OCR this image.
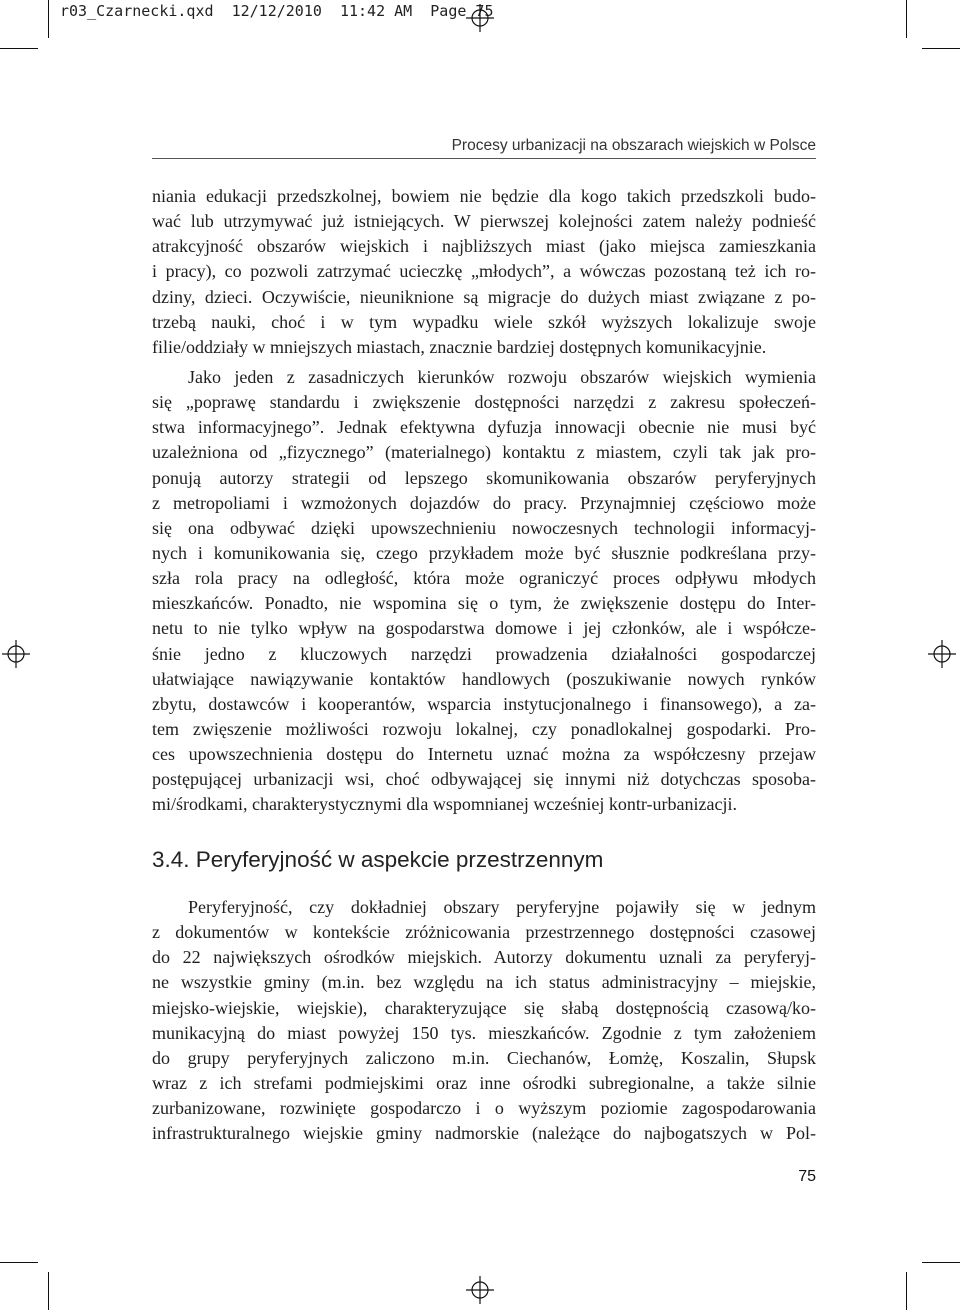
r03_Czarnecki.qxd  12/12/2010  11:42 AM  Page 75
Procesy urbanizacji na obszarach wiejskich w Polsce
niania edukacji przedszkolnej, bowiem nie będzie dla kogo takich przedszkoli budo-
wać lub utrzymywać już istniejących. W pierwszej kolejności zatem należy podnieść
atrakcyjność obszarów wiejskich i najbliższych miast (jako miejsca zamieszkania
i pracy), co pozwoli zatrzymać ucieczkę „młodych”, a wówczas pozostaną też ich ro-
dziny, dzieci. Oczywiście, nieuniknione są migracje do dużych miast związane z po-
trzebą nauki, choć i w tym wypadku wiele szkół wyższych lokalizuje swoje
filie/oddziały w mniejszych miastach, znacznie bardziej dostępnych komunikacyjnie.
Jako jeden z zasadniczych kierunków rozwoju obszarów wiejskich wymienia
się „poprawę standardu i zwiększenie dostępności narzędzi z zakresu społeczeń-
stwa informacyjnego”. Jednak efektywna dyfuzja innowacji obecnie nie musi być
uzależniona od „fizycznego” (materialnego) kontaktu z miastem, czyli tak jak pro-
ponują autorzy strategii od lepszego skomunikowania obszarów peryferyjnych
z metropoliami i wzmożonych dojazdów do pracy. Przynajmniej częściowo może
się ona odbywać dzięki upowszechnieniu nowoczesnych technologii informacyj-
nych i komunikowania się, czego przykładem może być słusznie podkreślana przy-
szła rola pracy na odległość, która może ograniczyć proces odpływu młodych
mieszkańców. Ponadto, nie wspomina się o tym, że zwiększenie dostępu do Inter-
netu to nie tylko wpływ na gospodarstwa domowe i jej członków, ale i współcze-
śnie jedno z kluczowych narzędzi prowadzenia działalności gospodarczej
ułatwiające nawiązywanie kontaktów handlowych (poszukiwanie nowych rynków
zbytu, dostawców i kooperantów, wsparcia instytucjonalnego i finansowego), a za-
tem zwięszenie możliwości rozwoju lokalnej, czy ponadlokalnej gospodarki. Pro-
ces upowszechnienia dostępu do Internetu uznać można za współczesny przejaw
postępującej urbanizacji wsi, choć odbywającej się innymi niż dotychczas sposoba-
mi/środkami, charakterystycznymi dla wspomnianej wcześniej kontr-urbanizacji.
3.4. Peryferyjność w aspekcie przestrzennym
Peryferyjność, czy dokładniej obszary peryferyjne pojawiły się w jednym
z dokumentów w kontekście zróżnicowania przestrzennego dostępności czasowej
do 22 największych ośrodków miejskich. Autorzy dokumentu uznali za peryferyj-
ne wszystkie gminy (m.in. bez względu na ich status administracyjny – miejskie,
miejsko-wiejskie, wiejskie), charakteryzujące się słabą dostępnością czasową/ko-
munikacyjną do miast powyżej 150 tys. mieszkańców. Zgodnie z tym założeniem
do grupy peryferyjnych zaliczono m.in. Ciechanów, Łomżę, Koszalin, Słupsk
wraz z ich strefami podmiejskimi oraz inne ośrodki subregionalne, a także silnie
zurbanizowane, rozwinięte gospodarczo i o wyższym poziomie zagospodarowania
infrastrukturalnego wiejskie gminy nadmorskie (należące do najbogatszych w Pol-
75
